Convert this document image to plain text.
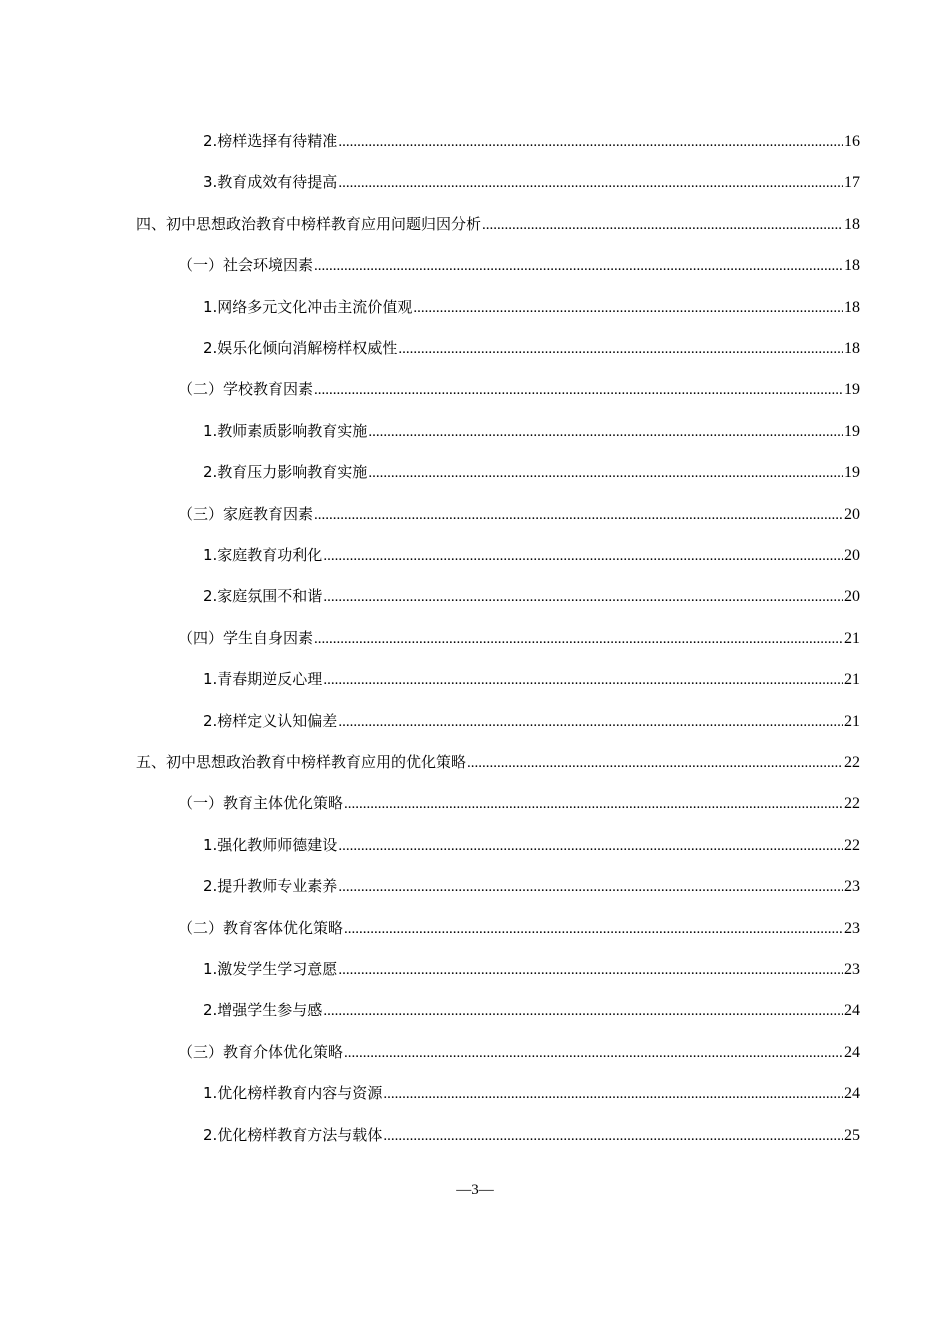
2.榜样选择有待精准 .....	16
3.教育成效有待提高 .....	17
四、初中思想政治教育中榜样教育应用问题归因分析 .....	18
（一）社会环境因素 .....	18
1.网络多元文化冲击主流价值观 .....	18
2.娱乐化倾向消解榜样权威性 .....	18
（二）学校教育因素 .....	19
1.教师素质影响教育实施 .....	19
2.教育压力影响教育实施 .....	19
（三）家庭教育因素 .....	20
1.家庭教育功利化 .....	20
2.家庭氛围不和谐 .....	20
（四）学生自身因素 .....	21
1.青春期逆反心理 .....	21
2.榜样定义认知偏差 .....	21
五、初中思想政治教育中榜样教育应用的优化策略 .....	22
（一）教育主体优化策略 .....	22
1.强化教师师德建设 .....	22
2.提升教师专业素养 .....	23
（二）教育客体优化策略 .....	23
1.激发学生学习意愿 .....	23
2.增强学生参与感 .....	24
（三）教育介体优化策略 .....	24
1.优化榜样教育内容与资源 .....	24
2.优化榜样教育方法与载体 .....	25
—3—
